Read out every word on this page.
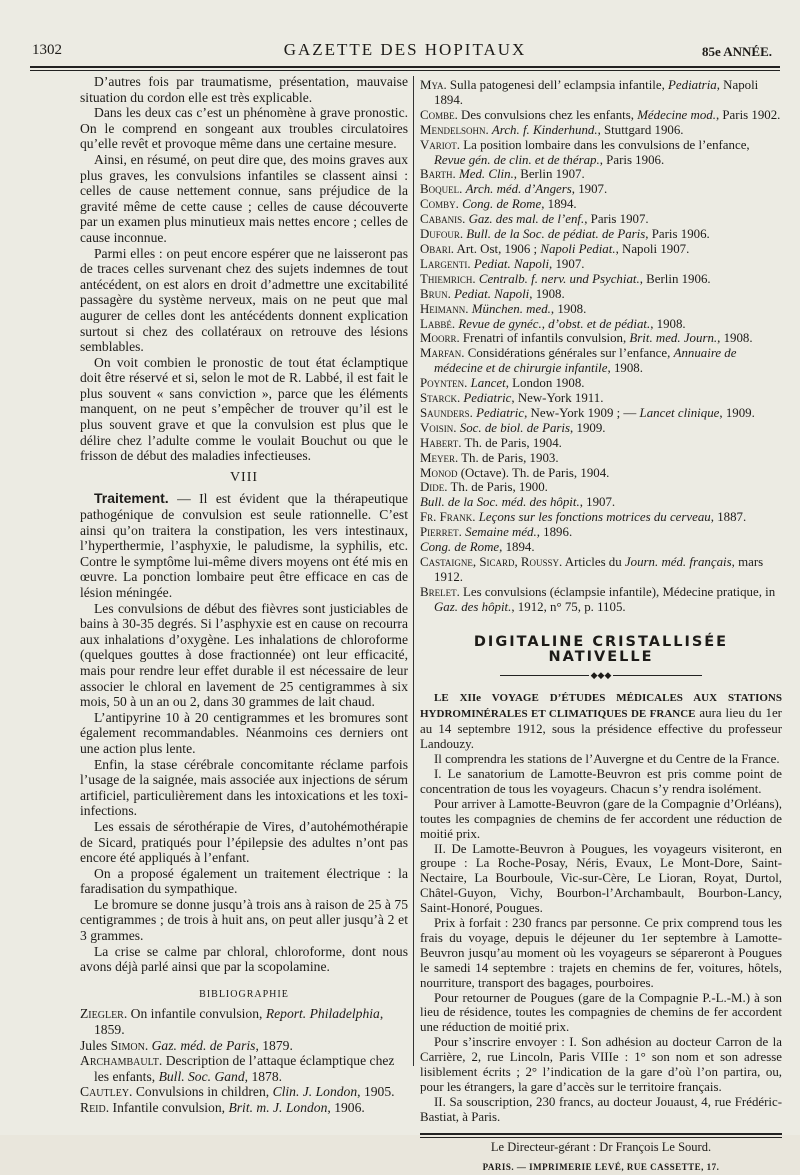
1302	GAZETTE DES HOPITAUX	85e ANNÉE.

D’autres fois par traumatisme, présentation, mauvaise situation du cordon elle est très explicable.

Dans les deux cas c’est un phénomène à grave pronostic. On le comprend en songeant aux troubles circulatoires qu’elle revêt et provoque même dans une certaine mesure.

Ainsi, en résumé, on peut dire que, des moins graves aux plus graves, les convulsions infantiles se classent ainsi : celles de cause nettement connue, sans préjudice de la gravité même de cette cause ; celles de cause découverte par un examen plus minutieux mais nettes encore ; celles de cause inconnue.

Parmi elles : on peut encore espérer que ne laisseront pas de traces celles survenant chez des sujets indemnes de tout antécédent, on est alors en droit d’admettre une excitabilité passagère du système nerveux, mais on ne peut que mal augurer de celles dont les antécédents donnent explication surtout si chez des collatéraux on retrouve des lésions semblables.

On voit combien le pronostic de tout état éclamptique doit être réservé et si, selon le mot de R. Labbé, il est fait le plus souvent « sans conviction », parce que les éléments manquent, on ne peut s’empêcher de trouver qu’il est le plus souvent grave et que la convulsion est plus que le délire chez l’adulte comme le voulait Bouchut ou que le frisson de début des maladies infectieuses.

VIII

Traitement. — Il est évident que la thérapeutique pathogénique de convulsion est seule rationnelle. C’est ainsi qu’on traitera la constipation, les vers intestinaux, l’hyperthermie, l’asphyxie, le paludisme, la syphilis, etc. Contre le symptôme lui-même divers moyens ont été mis en œuvre. La ponction lombaire peut être efficace en cas de lésion méningée.

Les convulsions de début des fièvres sont justiciables de bains à 30-35 degrés. Si l’asphyxie est en cause on recourra aux inhalations d’oxygène. Les inhalations de chloroforme (quelques gouttes à dose fractionnée) ont leur efficacité, mais pour rendre leur effet durable il est nécessaire de leur associer le chloral en lavement de 25 centigrammes à six mois, 50 à un an ou 2, dans 30 grammes de lait chaud.

L’antipyrine 10 à 20 centigrammes et les bromures sont également recommandables. Néanmoins ces derniers ont une action plus lente.

Enfin, la stase cérébrale concomitante réclame parfois l’usage de la saignée, mais associée aux injections de sérum artificiel, particulièrement dans les intoxications et les toxi-infections.

Les essais de sérothérapie de Vires, d’autohémothérapie de Sicard, pratiqués pour l’épilepsie des adultes n’ont pas encore été appliqués à l’enfant.

On a proposé également un traitement électrique : la faradisation du sympathique.

Le bromure se donne jusqu’à trois ans à raison de 25 à 75 centigrammes ; de trois à huit ans, on peut aller jusqu’à 2 et 3 grammes.

La crise se calme par chloral, chloroforme, dont nous avons déjà parlé ainsi que par la scopolamine.

BIBLIOGRAPHIE

Ziegler. On infantile convulsion, Report. Philadelphia, 1859.

Jules Simon. Gaz. méd. de Paris, 1879.

Archambault. Description de l’attaque éclamptique chez les enfants, Bull. Soc. Gand, 1878.

Cautley. Convulsions in children, Clin. J. London, 1905.

Reid. Infantile convulsion, Brit. m. J. London, 1906.

Mya. Sulla patogenesi dell’ eclampsia infantile, Pediatria, Napoli 1894.

Combe. Des convulsions chez les enfants, Médecine mod., Paris 1902.

Mendelsohn. Arch. f. Kinderhund., Stuttgard 1906.

Variot. La position lombaire dans les convulsions de l’enfance, Revue gén. de clin. et de thérap., Paris 1906.

Barth. Med. Clin., Berlin 1907.

Boquel. Arch. méd. d’Angers, 1907.

Comby. Cong. de Rome, 1894.

Cabanis. Gaz. des mal. de l’enf., Paris 1907.

Dufour. Bull. de la Soc. de pédiat. de Paris, Paris 1906.

Obari. Art. Ost, 1906 ; Napoli Pediat., Napoli 1907.

Largenti. Pediat. Napoli, 1907.

Thiemrich. Centralb. f. nerv. und Psychiat., Berlin 1906.

Brun. Pediat. Napoli, 1908.

Heimann. München. med., 1908.

Labbé. Revue de gynéc., d’obst. et de pédiat., 1908.

Moorr. Frenatri of infantils convulsion, Brit. med. Journ., 1908.

Marfan. Considérations générales sur l’enfance, Annuaire de médecine et de chirurgie infantile, 1908.

Poynten. Lancet, London 1908.

Starck. Pediatric, New-York 1911.

Saunders. Pediatric, New-York 1909 ; — Lancet clinique, 1909.

Voisin. Soc. de biol. de Paris, 1909.

Habert. Th. de Paris, 1904.

Meyer. Th. de Paris, 1903.

Monod (Octave). Th. de Paris, 1904.

Dide. Th. de Paris, 1900.

Bull. de la Soc. méd. des hôpit., 1907.

Fr. Frank. Leçons sur les fonctions motrices du cerveau, 1887.

Pierret. Semaine méd., 1896.

Cong. de Rome, 1894.

Castaigne, Sicard, Roussy. Articles du Journ. méd. français, mars 1912.

Brelet. Les convulsions (éclampsie infantile), Médecine pratique, in Gaz. des hôpit., 1912, n° 75, p. 1105.

DIGITALINE CRISTALLISÉE NATIVELLE
◆◆◆

LE XIIe VOYAGE D’ÉTUDES MÉDICALES AUX STATIONS HYDROMINÉRALES ET CLIMATIQUES DE FRANCE aura lieu du 1er au 14 septembre 1912, sous la présidence effective du professeur Landouzy.

Il comprendra les stations de l’Auvergne et du Centre de la France.

I. Le sanatorium de Lamotte-Beuvron est pris comme point de concentration de tous les voyageurs. Chacun s’y rendra isolément.

Pour arriver à Lamotte-Beuvron (gare de la Compagnie d’Orléans), toutes les compagnies de chemins de fer accordent une réduction de moitié prix.

II. De Lamotte-Beuvron à Pougues, les voyageurs visiteront, en groupe : La Roche-Posay, Néris, Evaux, Le Mont-Dore, Saint-Nectaire, La Bourboule, Vic-sur-Cère, Le Lioran, Royat, Durtol, Châtel-Guyon, Vichy, Bourbon-l’Archambault, Bourbon-Lancy, Saint-Honoré, Pougues.

Prix à forfait : 230 francs par personne. Ce prix comprend tous les frais du voyage, depuis le déjeuner du 1er septembre à Lamotte-Beuvron jusqu’au moment où les voyageurs se sépareront à Pougues le samedi 14 septembre : trajets en chemins de fer, voitures, hôtels, nourriture, transport des bagages, pourboires.

Pour retourner de Pougues (gare de la Compagnie P.-L.-M.) à son lieu de résidence, toutes les compagnies de chemins de fer accordent une réduction de moitié prix.

Pour s’inscrire envoyer : I. Son adhésion au docteur Carron de la Carrière, 2, rue Lincoln, Paris VIIIe : 1° son nom et son adresse lisiblement écrits ; 2° l’indication de la gare d’où l’on partira, ou, pour les étrangers, la gare d’accès sur le territoire français.

II. Sa souscription, 230 francs, au docteur Jouaust, 4, rue Frédéric-Bastiat, à Paris.

Le Directeur-gérant : Dr François Le Sourd.
PARIS. — IMPRIMERIE LEVÉ, RUE CASSETTE, 17.
